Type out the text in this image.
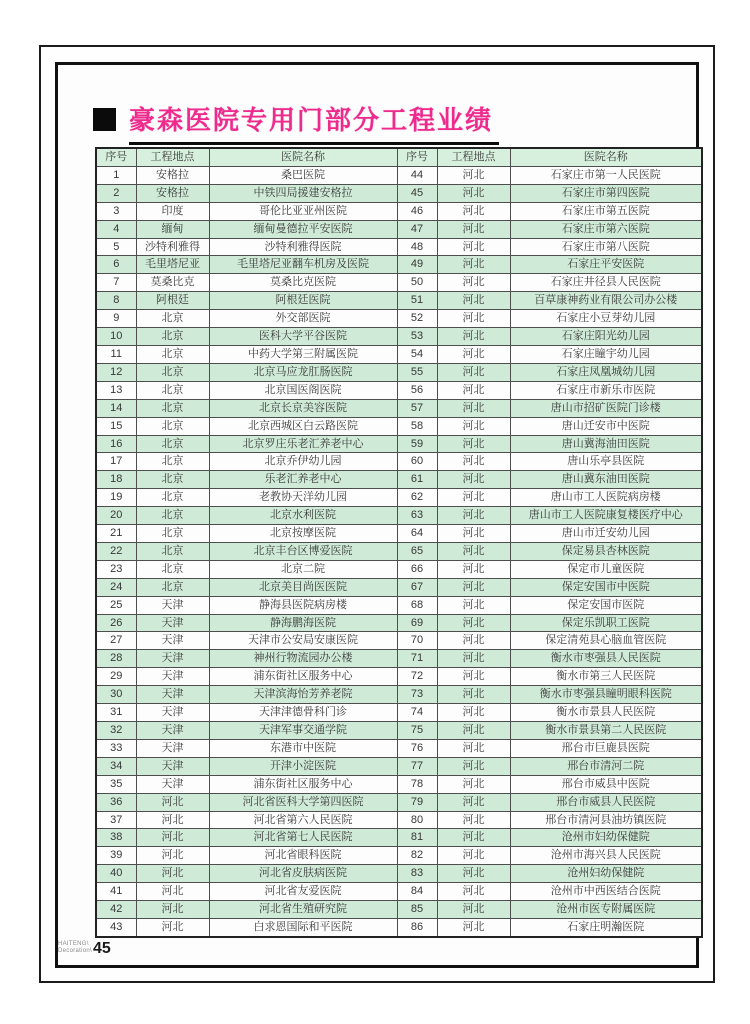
豪森医院专用门部分工程业绩
序号	工程地点	医院名称	序号	工程地点	医院名称
1	安格拉	桑巴医院	44	河北	石家庄市第一人民医院
2	安格拉	中铁四局援建安格拉	45	河北	石家庄市第四医院
3	印度	哥伦比亚亚州医院	46	河北	石家庄市第五医院
4	缅甸	缅甸曼德拉平安医院	47	河北	石家庄市第六医院
5	沙特利雅得	沙特利雅得医院	48	河北	石家庄市第八医院
6	毛里塔尼亚	毛里塔尼亚翻车机房及医院	49	河北	石家庄平安医院
7	莫桑比克	莫桑比克医院	50	河北	石家庄井径县人民医院
8	阿根廷	阿根廷医院	51	河北	百草康神药业有限公司办公楼
9	北京	外交部医院	52	河北	石家庄小豆芽幼儿园
10	北京	医科大学平谷医院	53	河北	石家庄阳光幼儿园
11	北京	中药大学第三附属医院	54	河北	石家庄瞳宇幼儿园
12	北京	北京马应龙肛肠医院	55	河北	石家庄凤凰城幼儿园
13	北京	北京国医阁医院	56	河北	石家庄市新乐市医院
14	北京	北京长京美容医院	57	河北	唐山市招矿医院门诊楼
15	北京	北京西城区白云路医院	58	河北	唐山迁安市中医院
16	北京	北京罗庄乐老汇养老中心	59	河北	唐山冀海油田医院
17	北京	北京乔伊幼儿园	60	河北	唐山乐亭县医院
18	北京	乐老汇养老中心	61	河北	唐山冀东油田医院
19	北京	老教协天洋幼儿园	62	河北	唐山市工人医院病房楼
20	北京	北京水利医院	63	河北	唐山市工人医院康复楼医疗中心
21	北京	北京按摩医院	64	河北	唐山市迁安幼儿园
22	北京	北京丰台区博爱医院	65	河北	保定易县杏林医院
23	北京	北京二院	66	河北	保定市儿童医院
24	北京	北京美目尚医医院	67	河北	保定安国市中医院
25	天津	静海县医院病房楼	68	河北	保定安国市医院
26	天津	静海鹏海医院	69	河北	保定乐凯职工医院
27	天津	天津市公安局安康医院	70	河北	保定清苑县心脑血管医院
28	天津	神州行物流园办公楼	71	河北	衡水市枣强县人民医院
29	天津	浦东街社区服务中心	72	河北	衡水市第三人民医院
30	天津	天津滨海怡芳养老院	73	河北	衡水市枣强县瞳明眼科医院
31	天津	天津津德骨科门诊	74	河北	衡水市景县人民医院
32	天津	天津军事交通学院	75	河北	衡水市景县第二人民医院
33	天津	东港市中医院	76	河北	邢台市巨鹿县医院
34	天津	开津小淀医院	77	河北	邢台市清河二院
35	天津	浦东街社区服务中心	78	河北	邢台市威县中医院
36	河北	河北省医科大学第四医院	79	河北	邢台市威县人民医院
37	河北	河北省第六人民医院	80	河北	邢台市清河县油坊镇医院
38	河北	河北省第七人民医院	81	河北	沧州市妇幼保健院
39	河北	河北省眼科医院	82	河北	沧州市海兴县人民医院
40	河北	河北省皮肤病医院	83	河北	沧州妇幼保健院
41	河北	河北省友爱医院	84	河北	沧州市中西医结合医院
42	河北	河北省生殖研究院	85	河北	沧州市医专附属医院
43	河北	白求恩国际和平医院	86	河北	石家庄明瀚医院
HAITENG\
Decoration\ 45
